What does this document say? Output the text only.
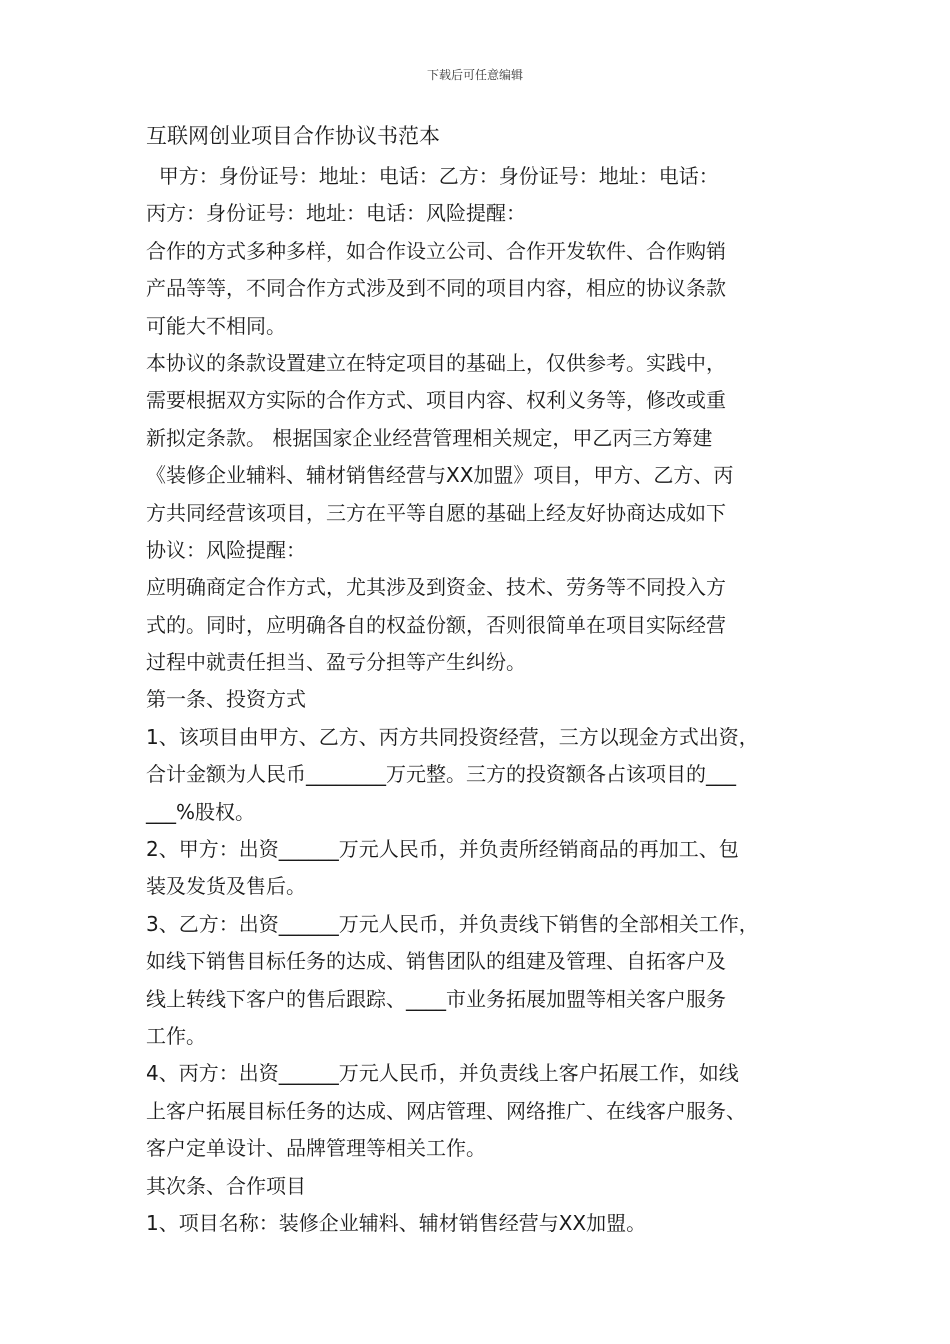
下载后可任意编辑
互联网创业项目合作协议书范本
甲方：身份证号：地址：电话：乙方：身份证号：地址：电话：
丙方：身份证号：地址：电话：风险提醒：
合作的方式多种多样，如合作设立公司、合作开发软件、合作购销
产品等等，不同合作方式涉及到不同的项目内容，相应的协议条款
可能大不相同。
本协议的条款设置建立在特定项目的基础上，仅供参考。实践中，
需要根据双方实际的合作方式、项目内容、权利义务等，修改或重
新拟定条款。 根据国家企业经营管理相关规定，甲乙丙三方筹建
《装修企业辅料、辅材销售经营与XX加盟》项目，甲方、乙方、丙
方共同经营该项目，三方在平等自愿的基础上经友好协商达成如下
协议：风险提醒：
应明确商定合作方式，尤其涉及到资金、技术、劳务等不同投入方
式的。同时，应明确各自的权益份额，否则很简单在项目实际经营
过程中就责任担当、盈亏分担等产生纠纷。
第一条、投资方式
1、该项目由甲方、乙方、丙方共同投资经营，三方以现金方式出资，
合计金额为人民币________万元整。三方的投资额各占该项目的___
___%股权。
2、甲方：出资______万元人民币，并负责所经销商品的再加工、包
装及发货及售后。
3、乙方：出资______万元人民币，并负责线下销售的全部相关工作，
如线下销售目标任务的达成、销售团队的组建及管理、自拓客户及
线上转线下客户的售后跟踪、____市业务拓展加盟等相关客户服务
工作。
4、丙方：出资______万元人民币，并负责线上客户拓展工作，如线
上客户拓展目标任务的达成、网店管理、网络推广、在线客户服务、
客户定单设计、品牌管理等相关工作。
其次条、合作项目
1、项目名称：装修企业辅料、辅材销售经营与XX加盟。
